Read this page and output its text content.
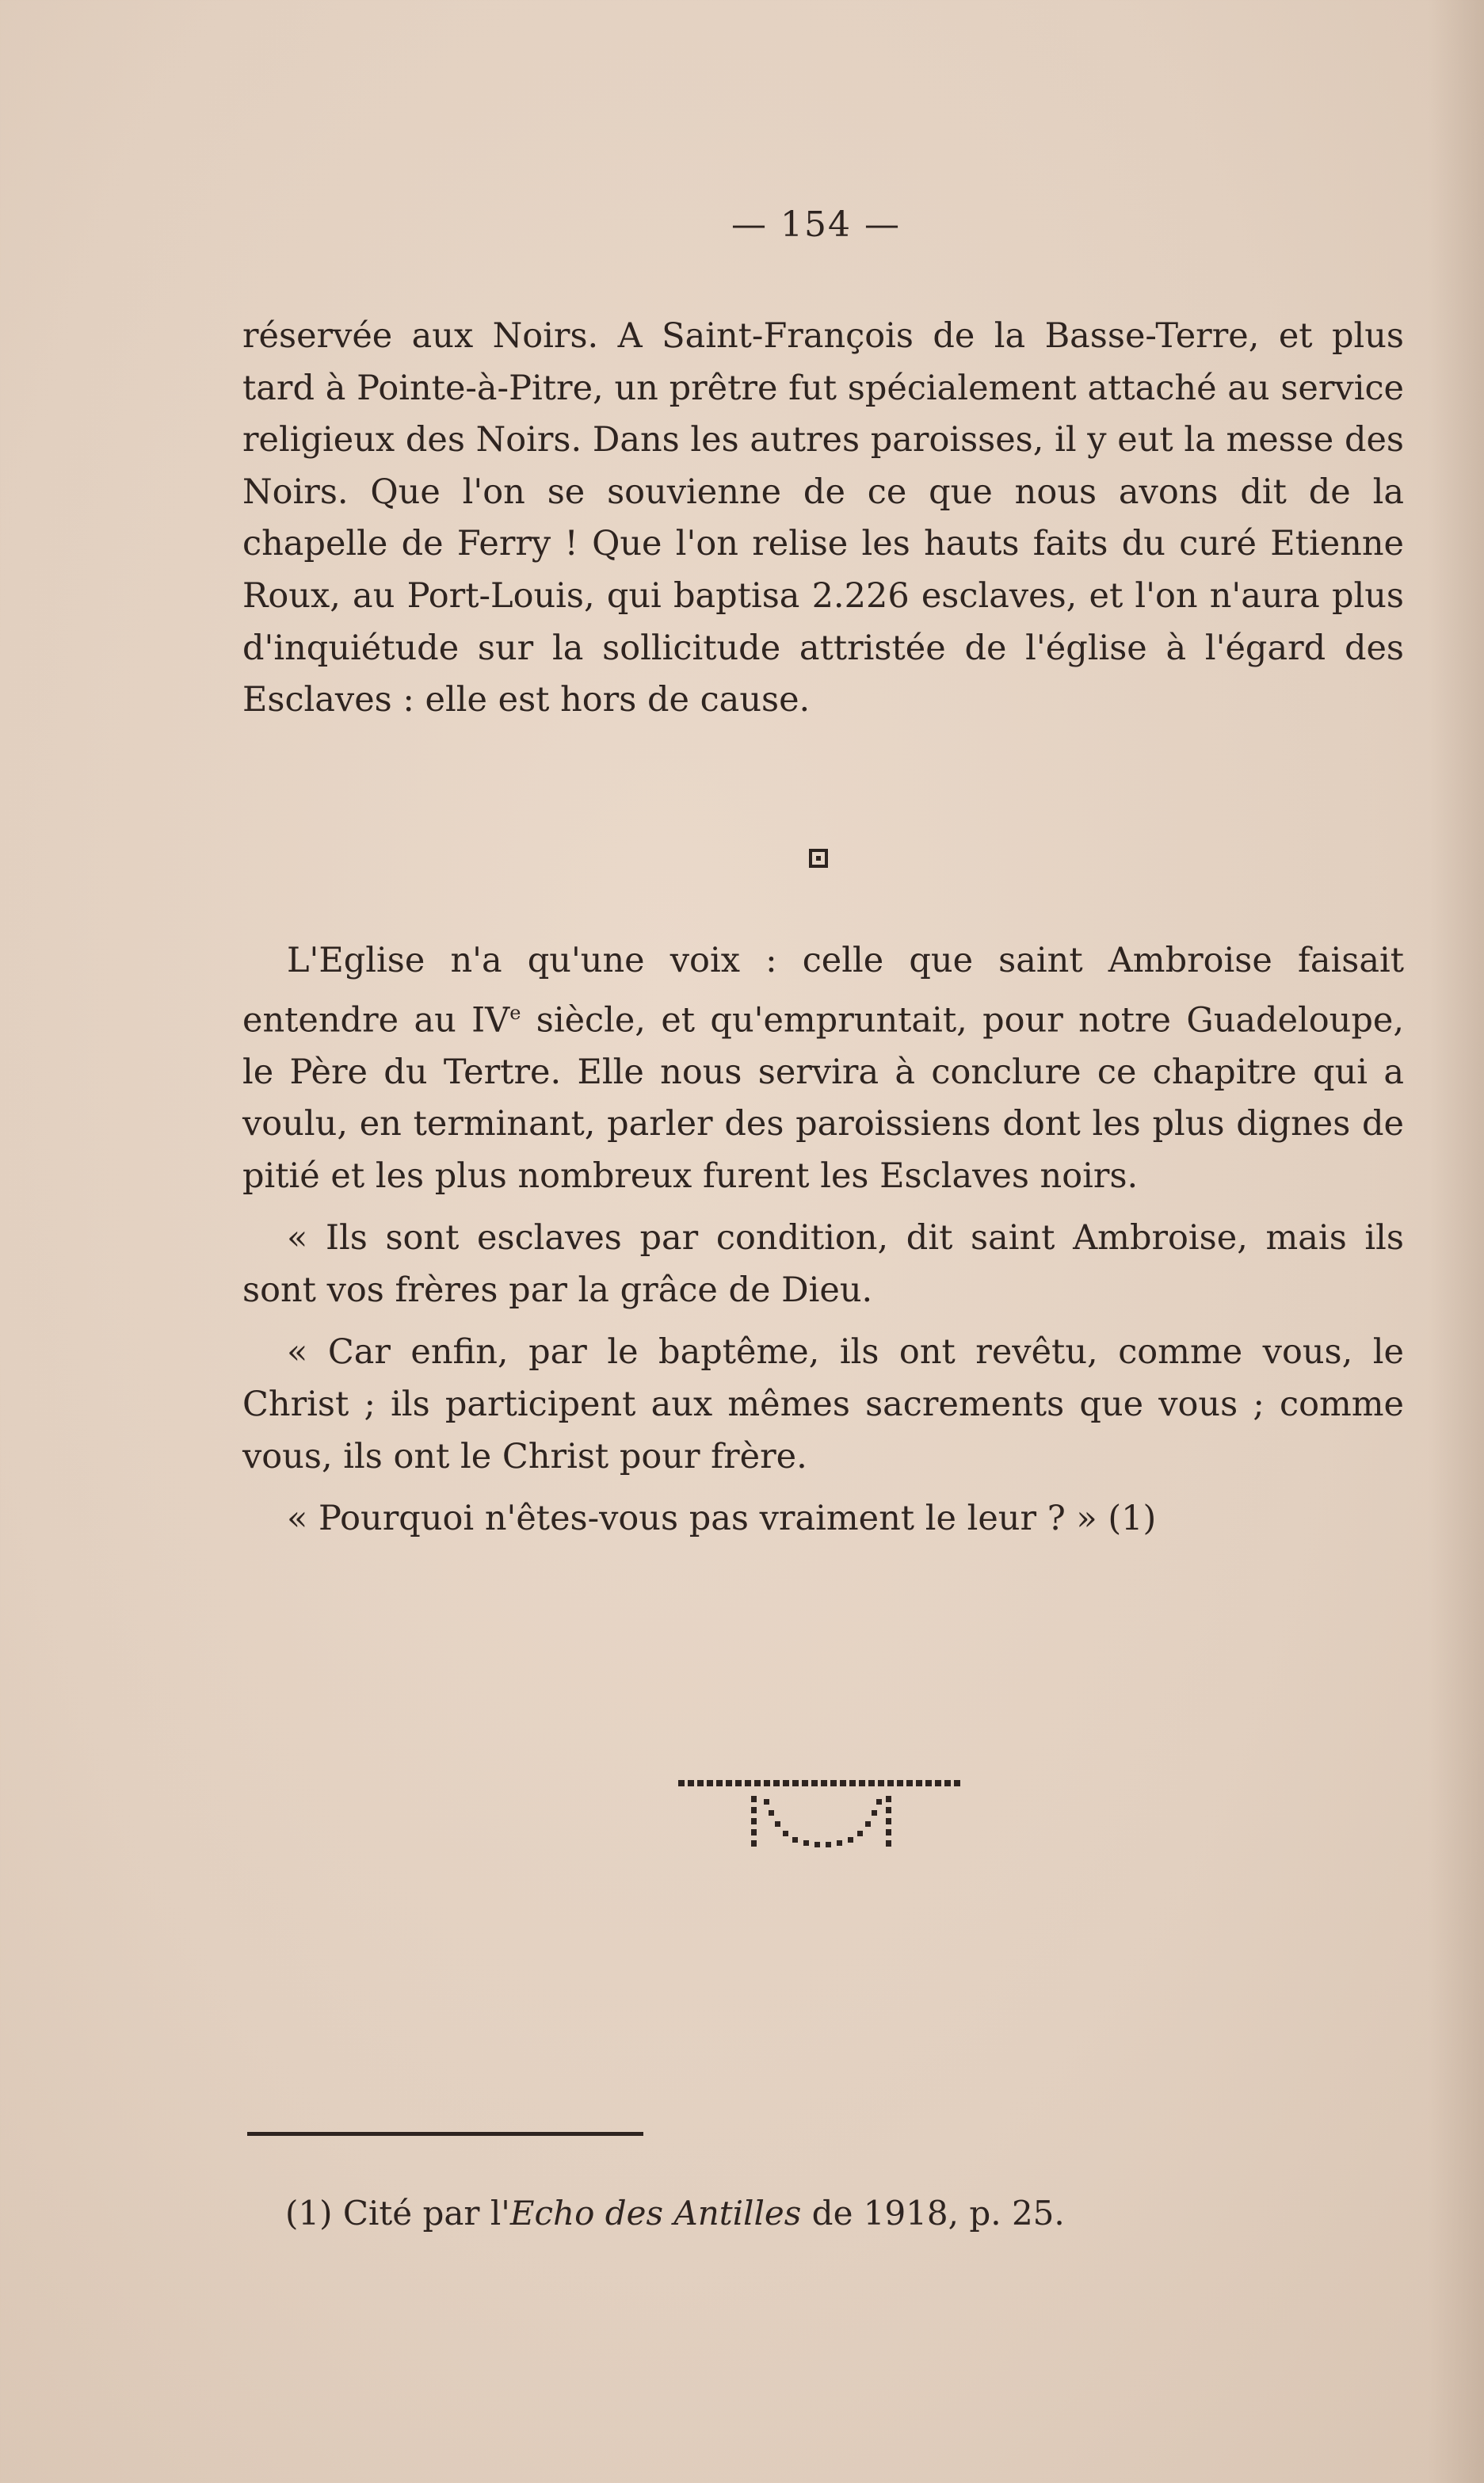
— 154 —

réservée aux Noirs. A Saint-François de la Basse-Terre, et plus tard à Pointe-à-Pitre, un prêtre fut spécialement attaché au service religieux des Noirs. Dans les autres paroisses, il y eut la messe des Noirs. Que l'on se souvienne de ce que nous avons dit de la chapelle de Ferry ! Que l'on relise les hauts faits du curé Etienne Roux, au Port-Louis, qui baptisa 2.226 esclaves, et l'on n'aura plus d'inquiétude sur la sollicitude attristée de l'église à l'égard des Esclaves : elle est hors de cause.

L'Eglise n'a qu'une voix : celle que saint Ambroise faisait entendre au IVe siècle, et qu'empruntait, pour notre Guadeloupe, le Père du Tertre. Elle nous servira à conclure ce chapitre qui a voulu, en terminant, parler des paroissiens dont les plus dignes de pitié et les plus nombreux furent les Esclaves noirs.

« Ils sont esclaves par condition, dit saint Ambroise, mais ils sont vos frères par la grâce de Dieu.

« Car enfin, par le baptême, ils ont revêtu, comme vous, le Christ ; ils participent aux mêmes sacrements que vous ; comme vous, ils ont le Christ pour frère.

« Pourquoi n'êtes-vous pas vraiment le leur ? » (1)

(1) Cité par l'Echo des Antilles de 1918, p. 25.
